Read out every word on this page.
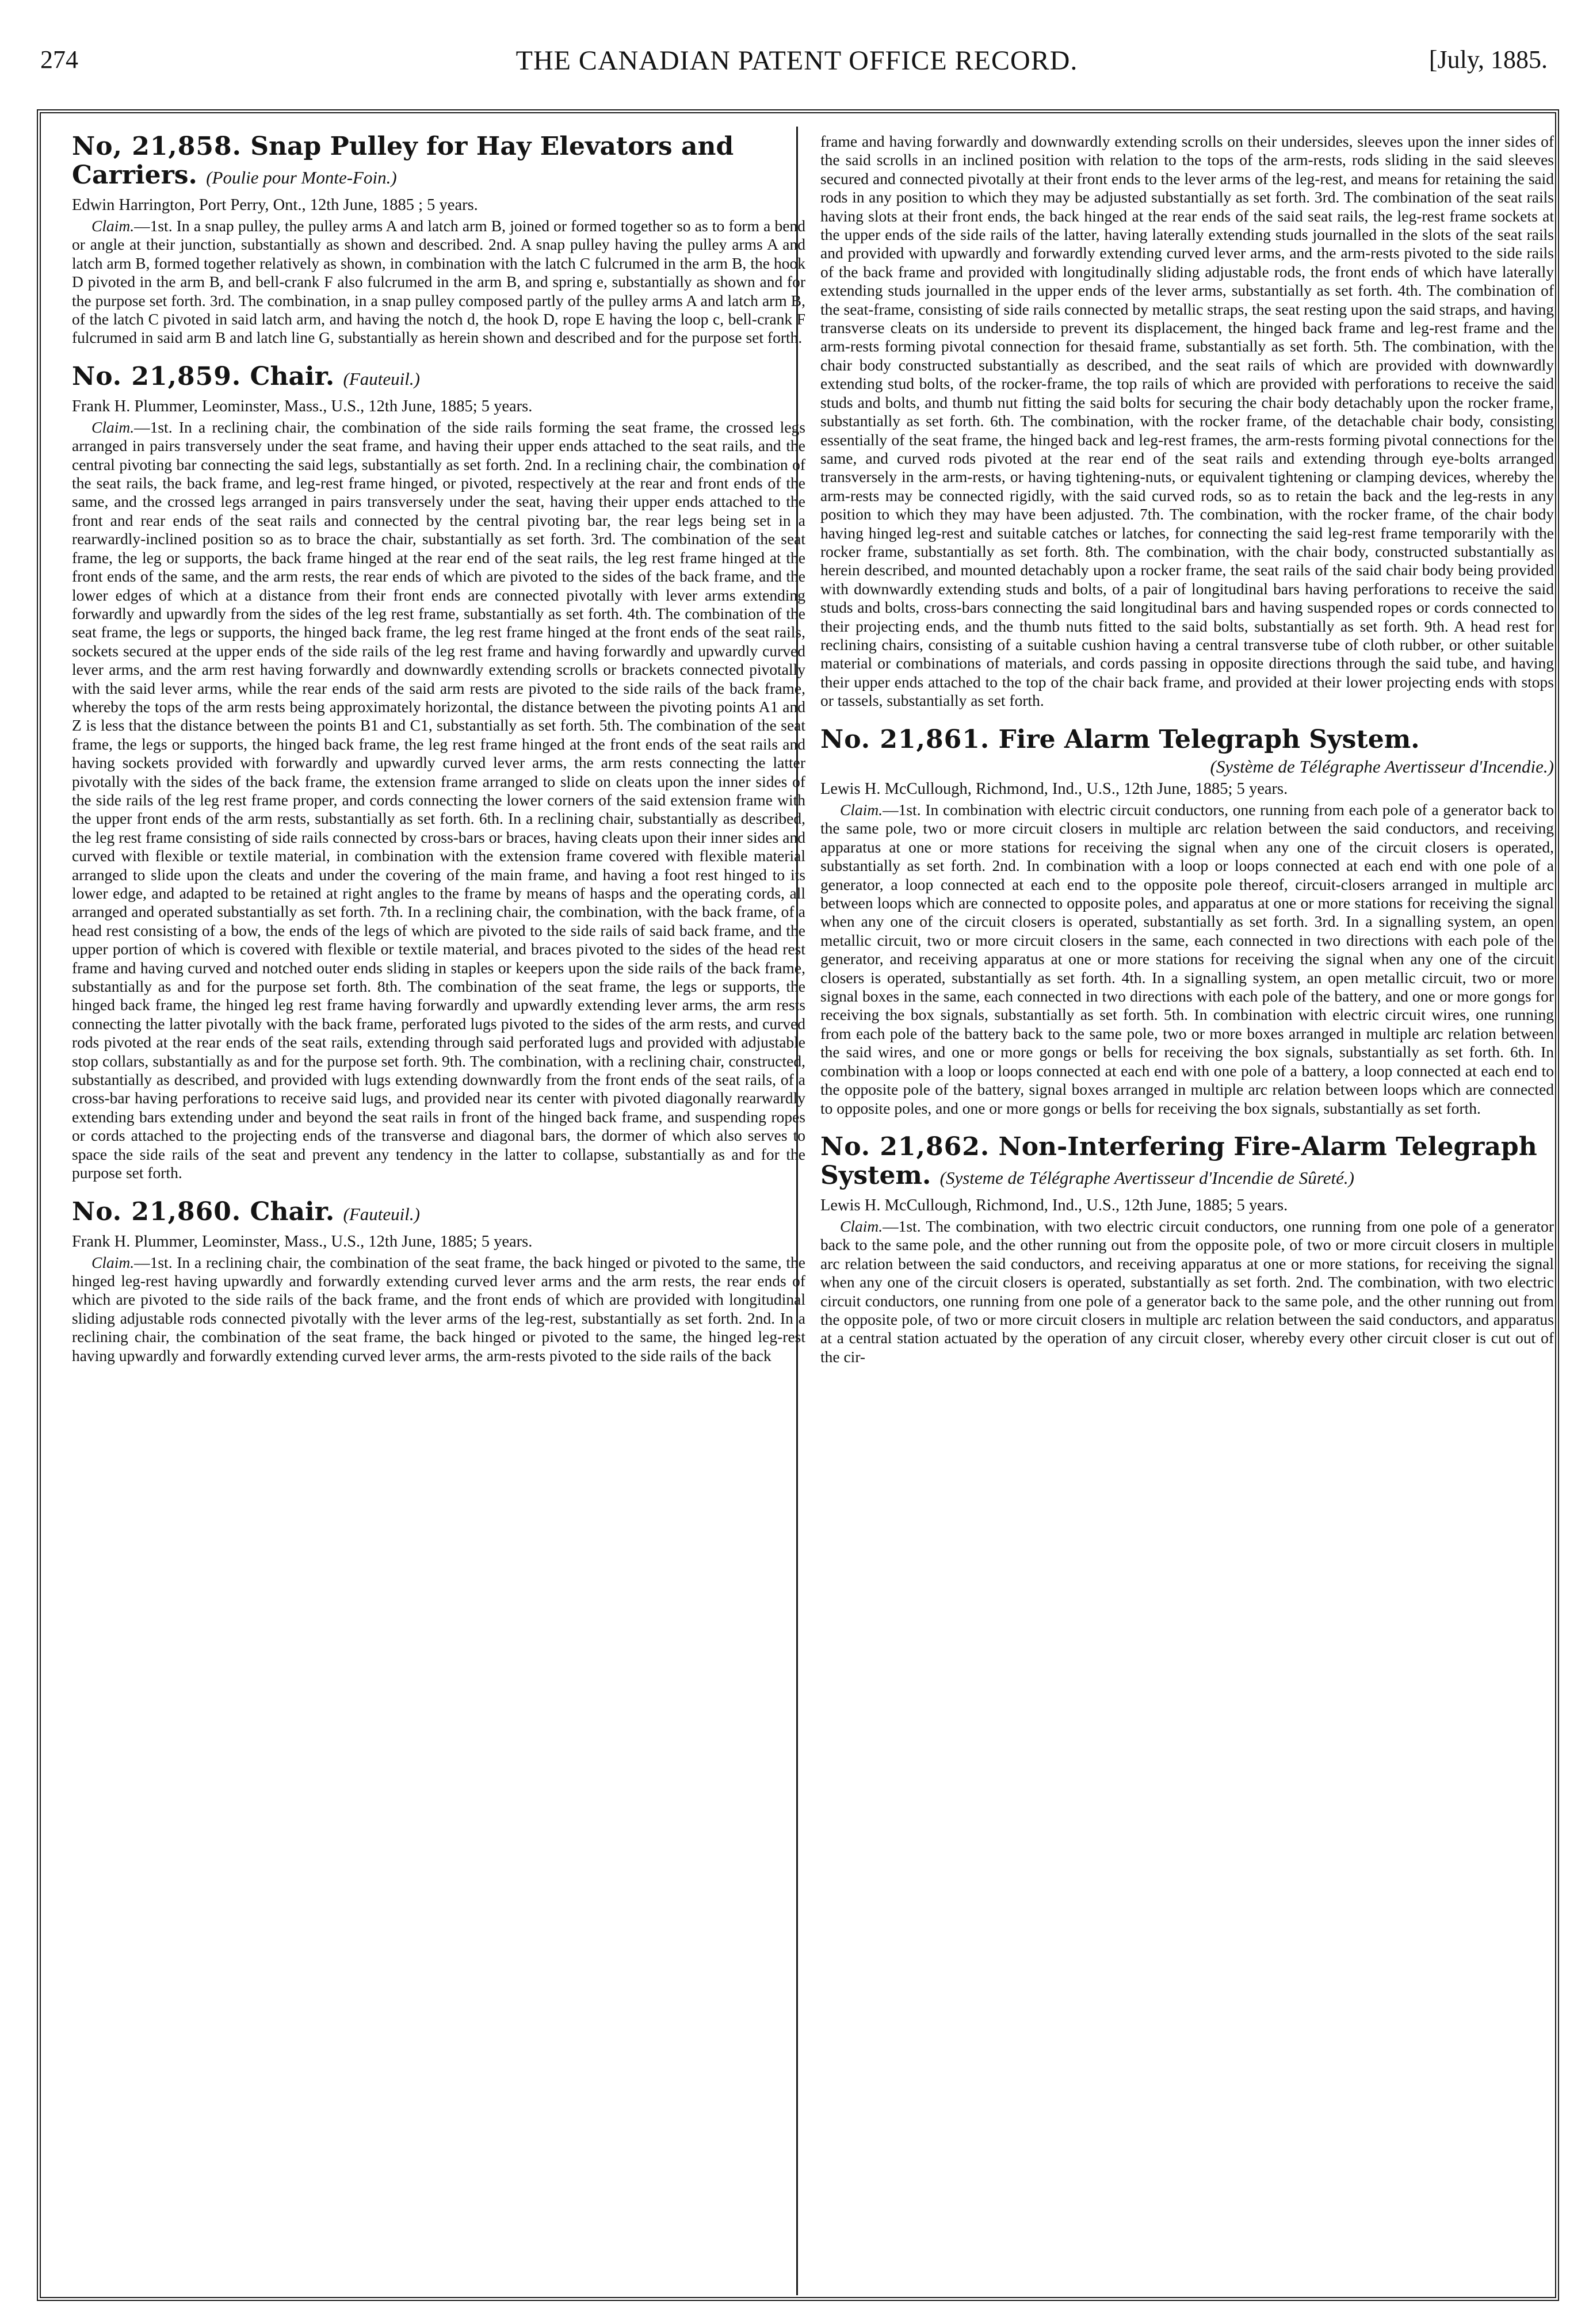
274	THE CANADIAN PATENT OFFICE RECORD.	[July, 1885.
No, 21,858. Snap Pulley for Hay Elevators and Carriers. (Poulie pour Monte-Foin.)
Edwin Harrington, Port Perry, Ont., 12th June, 1885 ; 5 years.

Claim.—1st. In a snap pulley, the pulley arms A and latch arm B, joined or formed together so as to form a bend or angle at their junction, substantially as shown and described. 2nd. A snap pulley having the pulley arms A and latch arm B, formed together relatively as shown, in combination with the latch C fulcrumed in the arm B, the hook D pivoted in the arm B, and bell-crank F also fulcrumed in the arm B, and spring e, substantially as shown and for the purpose set forth. 3rd. The combination, in a snap pulley composed partly of the pulley arms A and latch arm B, of the latch C pivoted in said latch arm, and having the notch d, the hook D, rope E having the loop c, bell-crank F fulcrumed in said arm B and latch line G, substantially as herein shown and described and for the purpose set forth.

No. 21,859. Chair. (Fauteuil.)
Frank H. Plummer, Leominster, Mass., U.S., 12th June, 1885; 5 years.

Claim.—1st. In a reclining chair, the combination of the side rails forming the seat frame, the crossed legs arranged in pairs transversely under the seat frame, and having their upper ends attached to the seat rails, and the central pivoting bar connecting the said legs, substantially as set forth. 2nd. In a reclining chair, the combination of the seat rails, the back frame, and leg-rest frame hinged, or pivoted, respectively at the rear and front ends of the same, and the crossed legs arranged in pairs transversely under the seat, having their upper ends attached to the front and rear ends of the seat rails and connected by the central pivoting bar, the rear legs being set in a rearwardly-inclined position so as to brace the chair, substantially as set forth. 3rd. The combination of the seat frame, the leg or supports, the back frame hinged at the rear end of the seat rails, the leg rest frame hinged at the front ends of the same, and the arm rests, the rear ends of which are pivoted to the sides of the back frame, and the lower edges of which at a distance from their front ends are connected pivotally with lever arms extending forwardly and upwardly from the sides of the leg rest frame, substantially as set forth. 4th. The combination of the seat frame, the legs or supports, the hinged back frame, the leg rest frame hinged at the front ends of the seat rails, sockets secured at the upper ends of the side rails of the leg rest frame and having forwardly and upwardly curved lever arms, and the arm rest having forwardly and downwardly extending scrolls or brackets connected pivotally with the said lever arms, while the rear ends of the said arm rests are pivoted to the side rails of the back frame, whereby the tops of the arm rests being approximately horizontal, the distance between the pivoting points A1 and Z is less that the distance between the points B1 and C1, substantially as set forth. 5th. The combination of the seat frame, the legs or supports, the hinged back frame, the leg rest frame hinged at the front ends of the seat rails and having sockets provided with forwardly and upwardly curved lever arms, the arm rests connecting the latter pivotally with the sides of the back frame, the extension frame arranged to slide on cleats upon the inner sides of the side rails of the leg rest frame proper, and cords connecting the lower corners of the said extension frame with the upper front ends of the arm rests, substantially as set forth. 6th. In a reclining chair, substantially as described, the leg rest frame consisting of side rails connected by cross-bars or braces, having cleats upon their inner sides and curved with flexible or textile material, in combination with the extension frame covered with flexible material arranged to slide upon the cleats and under the covering of the main frame, and having a foot rest hinged to its lower edge, and adapted to be retained at right angles to the frame by means of hasps and the operating cords, all arranged and operated substantially as set forth. 7th. In a reclining chair, the combination, with the back frame, of a head rest consisting of a bow, the ends of the legs of which are pivoted to the side rails of said back frame, and the upper portion of which is covered with flexible or textile material, and braces pivoted to the sides of the head rest frame and having curved and notched outer ends sliding in staples or keepers upon the side rails of the back frame, substantially as and for the purpose set forth. 8th. The combination of the seat frame, the legs or supports, the hinged back frame, the hinged leg rest frame having forwardly and upwardly extending lever arms, the arm rests connecting the latter pivotally with the back frame, perforated lugs pivoted to the sides of the arm rests, and curved rods pivoted at the rear ends of the seat rails, extending through said perforated lugs and provided with adjustable stop collars, substantially as and for the purpose set forth. 9th. The combination, with a reclining chair, constructed, substantially as described, and provided with lugs extending downwardly from the front ends of the seat rails, of a cross-bar having perforations to receive said lugs, and provided near its center with pivoted diagonally rearwardly extending bars extending under and beyond the seat rails in front of the hinged back frame, and suspending ropes or cords attached to the projecting ends of the transverse and diagonal bars, the dormer of which also serves to space the side rails of the seat and prevent any tendency in the latter to collapse, substantially as and for the purpose set forth.

No. 21,860. Chair. (Fauteuil.)
Frank H. Plummer, Leominster, Mass., U.S., 12th June, 1885; 5 years.

Claim.—1st. In a reclining chair, the combination of the seat frame, the back hinged or pivoted to the same, the hinged leg-rest having upwardly and forwardly extending curved lever arms and the arm rests, the rear ends of which are pivoted to the side rails of the back frame, and the front ends of which are provided with longitudinal sliding adjustable rods connected pivotally with the lever arms of the leg-rest, substantially as set forth. 2nd. In a reclining chair, the combination of the seat frame, the back hinged or pivoted to the same, the hinged leg-rest having upwardly and forwardly extending curved lever arms, the arm-rests pivoted to the side rails of the back

frame and having forwardly and downwardly extending scrolls on their undersides, sleeves upon the inner sides of the said scrolls in an inclined position with relation to the tops of the arm-rests, rods sliding in the said sleeves secured and connected pivotally at their front ends to the lever arms of the leg-rest, and means for retaining the said rods in any position to which they may be adjusted substantially as set forth. 3rd. The combination of the seat rails having slots at their front ends, the back hinged at the rear ends of the said seat rails, the leg-rest frame sockets at the upper ends of the side rails of the latter, having laterally extending studs journalled in the slots of the seat rails and provided with upwardly and forwardly extending curved lever arms, and the arm-rests pivoted to the side rails of the back frame and provided with longitudinally sliding adjustable rods, the front ends of which have laterally extending studs journalled in the upper ends of the lever arms, substantially as set forth. 4th. The combination of the seat-frame, consisting of side rails connected by metallic straps, the seat resting upon the said straps, and having transverse cleats on its underside to prevent its displacement, the hinged back frame and leg-rest frame and the arm-rests forming pivotal connection for thesaid frame, substantially as set forth. 5th. The combination, with the chair body constructed substantially as described, and the seat rails of which are provided with downwardly extending stud bolts, of the rocker-frame, the top rails of which are provided with perforations to receive the said studs and bolts, and thumb nut fitting the said bolts for securing the chair body detachably upon the rocker frame, substantially as set forth. 6th. The combination, with the rocker frame, of the detachable chair body, consisting essentially of the seat frame, the hinged back and leg-rest frames, the arm-rests forming pivotal connections for the same, and curved rods pivoted at the rear end of the seat rails and extending through eye-bolts arranged transversely in the arm-rests, or having tightening-nuts, or equivalent tightening or clamping devices, whereby the arm-rests may be connected rigidly, with the said curved rods, so as to retain the back and the leg-rests in any position to which they may have been adjusted. 7th. The combination, with the rocker frame, of the chair body having hinged leg-rest and suitable catches or latches, for connecting the said leg-rest frame temporarily with the rocker frame, substantially as set forth. 8th. The combination, with the chair body, constructed substantially as herein described, and mounted detachably upon a rocker frame, the seat rails of the said chair body being provided with downwardly extending studs and bolts, of a pair of longitudinal bars having perforations to receive the said studs and bolts, cross-bars connecting the said longitudinal bars and having suspended ropes or cords connected to their projecting ends, and the thumb nuts fitted to the said bolts, substantially as set forth. 9th. A head rest for reclining chairs, consisting of a suitable cushion having a central transverse tube of cloth rubber, or other suitable material or combinations of materials, and cords passing in opposite directions through the said tube, and having their upper ends attached to the top of the chair back frame, and provided at their lower projecting ends with stops or tassels, substantially as set forth.

No. 21,861. Fire Alarm Telegraph System.
(Système de Télégraphe Avertisseur d'Incendie.)
Lewis H. McCullough, Richmond, Ind., U.S., 12th June, 1885; 5 years.

Claim.—1st. In combination with electric circuit conductors, one running from each pole of a generator back to the same pole, two or more circuit closers in multiple arc relation between the said conductors, and receiving apparatus at one or more stations for receiving the signal when any one of the circuit closers is operated, substantially as set forth. 2nd. In combination with a loop or loops connected at each end with one pole of a generator, a loop connected at each end to the opposite pole thereof, circuit-closers arranged in multiple arc between loops which are connected to opposite poles, and apparatus at one or more stations for receiving the signal when any one of the circuit closers is operated, substantially as set forth. 3rd. In a signalling system, an open metallic circuit, two or more circuit closers in the same, each connected in two directions with each pole of the generator, and receiving apparatus at one or more stations for receiving the signal when any one of the circuit closers is operated, substantially as set forth. 4th. In a signalling system, an open metallic circuit, two or more signal boxes in the same, each connected in two directions with each pole of the battery, and one or more gongs for receiving the box signals, substantially as set forth. 5th. In combination with electric circuit wires, one running from each pole of the battery back to the same pole, two or more boxes arranged in multiple arc relation between the said wires, and one or more gongs or bells for receiving the box signals, substantially as set forth. 6th. In combination with a loop or loops connected at each end with one pole of a battery, a loop connected at each end to the opposite pole of the battery, signal boxes arranged in multiple arc relation between loops which are connected to opposite poles, and one or more gongs or bells for receiving the box signals, substantially as set forth.

No. 21,862. Non-Interfering Fire-Alarm Telegraph System. (Systeme de Télégraphe Avertisseur d'Incendie de Sûreté.)
Lewis H. McCullough, Richmond, Ind., U.S., 12th June, 1885; 5 years.

Claim.—1st. The combination, with two electric circuit conductors, one running from one pole of a generator back to the same pole, and the other running out from the opposite pole, of two or more circuit closers in multiple arc relation between the said conductors, and receiving apparatus at one or more stations, for receiving the signal when any one of the circuit closers is operated, substantially as set forth. 2nd. The combination, with two electric circuit conductors, one running from one pole of a generator back to the same pole, and the other running out from the opposite pole, of two or more circuit closers in multiple arc relation between the said conductors, and apparatus at a central station actuated by the operation of any circuit closer, whereby every other circuit closer is cut out of the cir-
